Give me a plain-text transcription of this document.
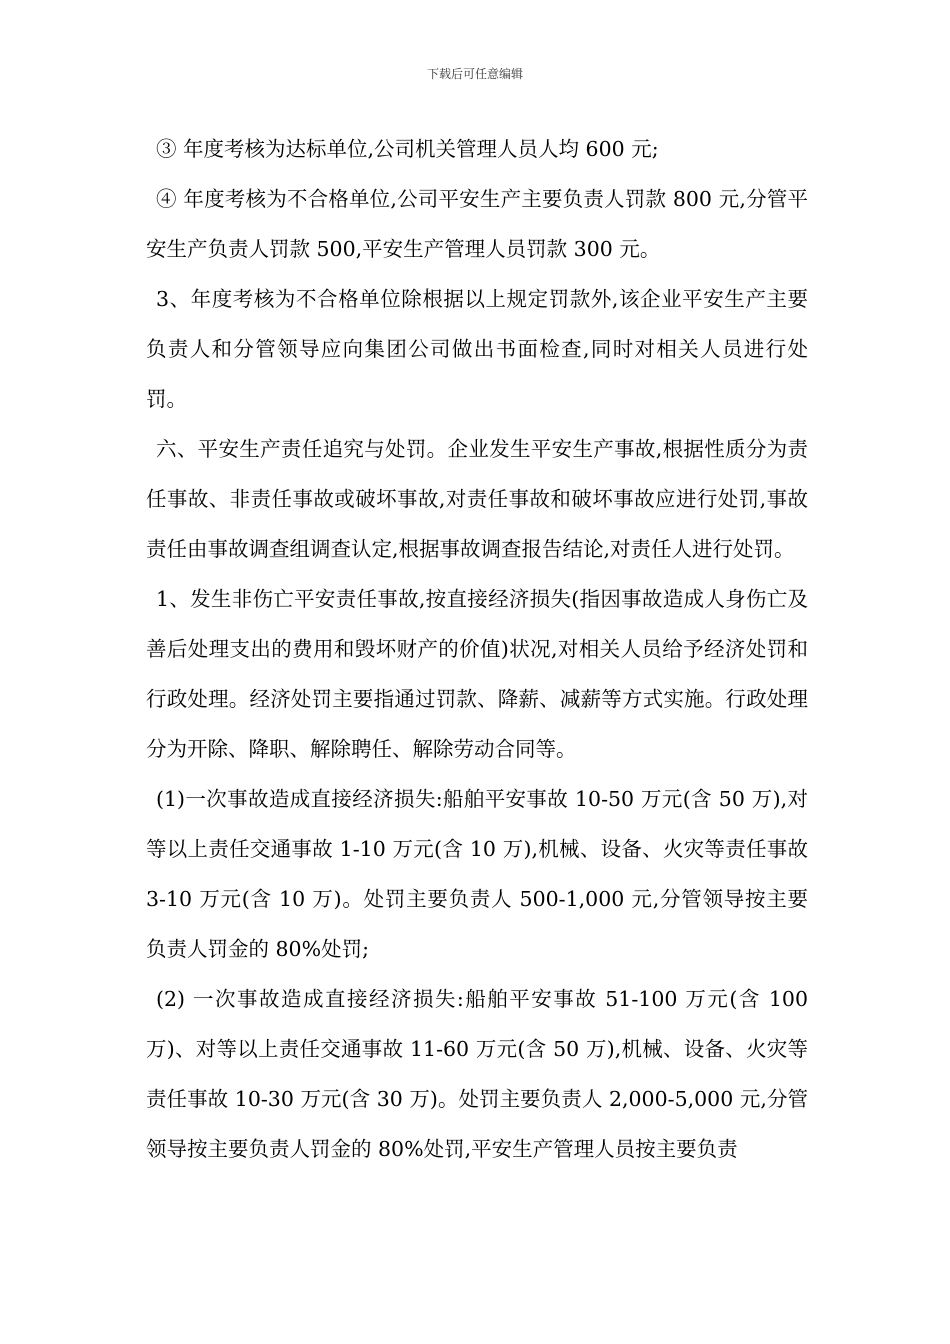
下载后可任意编辑

③ 年度考核为达标单位,公司机关管理人员人均 600 元;

④ 年度考核为不合格单位,公司平安生产主要负责人罚款 800 元,分管平安生产负责人罚款 500,平安生产管理人员罚款 300 元。

3、年度考核为不合格单位除根据以上规定罚款外,该企业平安生产主要负责人和分管领导应向集团公司做出书面检查,同时对相关人员进行处罚。

六、平安生产责任追究与处罚。企业发生平安生产事故,根据性质分为责任事故、非责任事故或破坏事故,对责任事故和破坏事故应进行处罚,事故责任由事故调查组调查认定,根据事故调查报告结论,对责任人进行处罚。

1、发生非伤亡平安责任事故,按直接经济损失(指因事故造成人身伤亡及善后处理支出的费用和毁坏财产的价值)状况,对相关人员给予经济处罚和行政处理。经济处罚主要指通过罚款、降薪、减薪等方式实施。行政处理分为开除、降职、解除聘任、解除劳动合同等。

(1)一次事故造成直接经济损失:船舶平安事故 10-50 万元(含 50 万),对等以上责任交通事故 1-10 万元(含 10 万),机械、设备、火灾等责任事故 3-10 万元(含 10 万)。处罚主要负责人 500-1,000 元,分管领导按主要负责人罚金的 80%处罚;

(2) 一次事故造成直接经济损失:船舶平安事故 51-100 万元(含 100 万)、对等以上责任交通事故 11-60 万元(含 50 万),机械、设备、火灾等责任事故 10-30 万元(含 30 万)。处罚主要负责人 2,000-5,000 元,分管领导按主要负责人罚金的 80%处罚,平安生产管理人员按主要负责
